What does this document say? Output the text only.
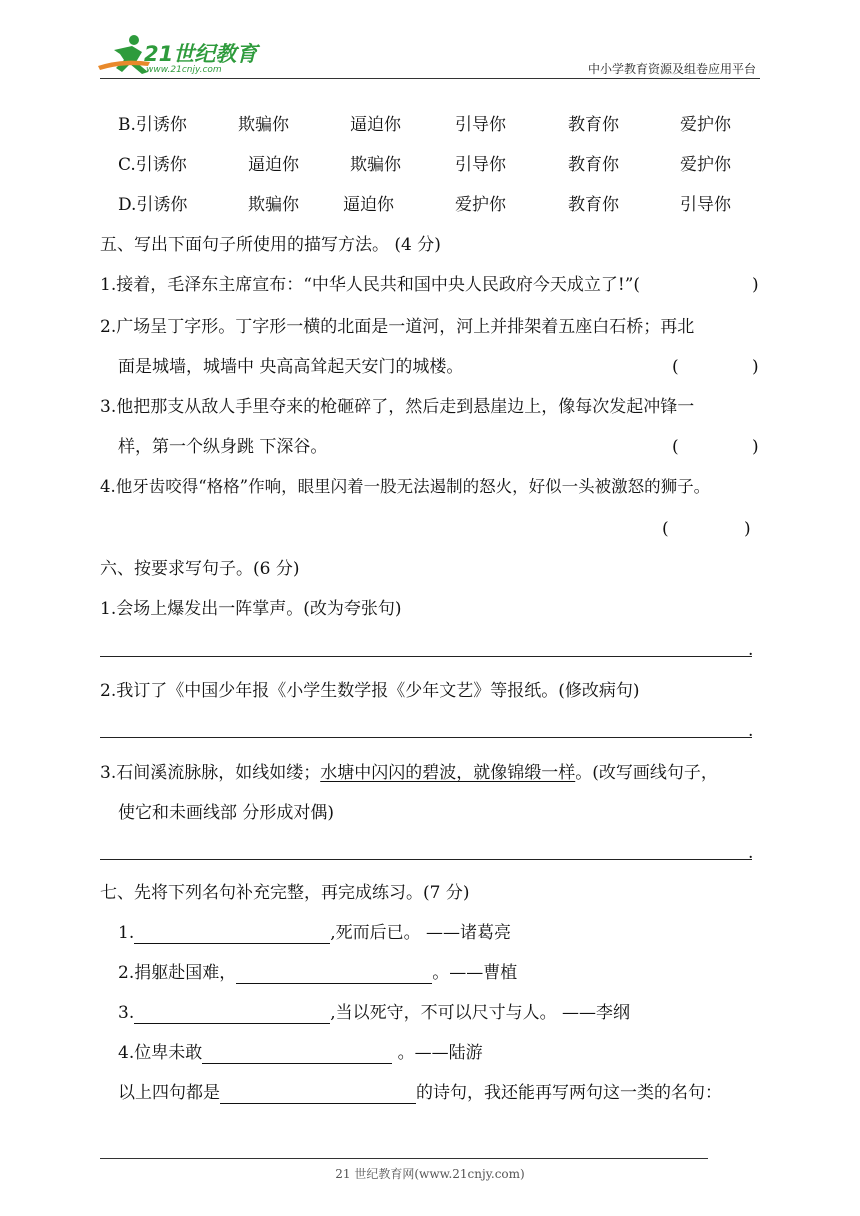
21世纪教育
www.21cnjy.com	中小学教育资源及组卷应用平台
B.引诱你	欺骗你	逼迫你	引导你	教育你	爱护你
C.引诱你	逼迫你	欺骗你	引导你	教育你	爱护你
D.引诱你	欺骗你	逼迫你	爱护你	教育你	引导你
五、写出下面句子所使用的描写方法。 (4 分)
1.接着，毛泽东主席宣布：“中华人民共和国中央人民政府今天成立了!”(	)
2.广场呈丁字形。丁字形一横的北面是一道河，河上并排架着五座白石桥；再北
面是城墙，城墙中 央高高耸起天安门的城楼。	(	)
3.他把那支从敌人手里夺来的枪砸碎了，然后走到悬崖边上，像每次发起冲锋一
样，第一个纵身跳 下深谷。	(	)
4.他牙齿咬得“格格”作响，眼里闪着一股无法遏制的怒火，好似一头被激怒的狮子。
(	)
六、按要求写句子。(6 分)
1.会场上爆发出一阵掌声。(改为夸张句)
.
2.我订了《中国少年报《小学生数学报《少年文艺》等报纸。(修改病句)
.
3.石间溪流脉脉，如线如缕；水塘中闪闪的碧波，就像锦缎一样。(改写画线句子，
使它和未画线部 分形成对偶)
.
七、先将下列名句补充完整，再完成练习。(7 分)
1.	,死而后已。 ——诸葛亮
2.捐躯赴国难，	。——曹植
3.	,当以死守，不可以尺寸与人。 ——李纲
4.位卑未敢	。——陆游
以上四句都是	的诗句，我还能再写两句这一类的名句：
21 世纪教育网(www.21cnjy.com)
